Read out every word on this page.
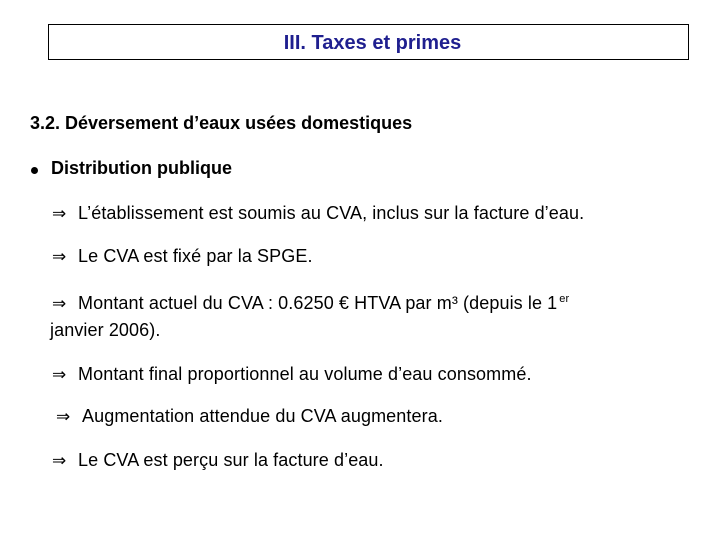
III. Taxes et primes
3.2. Déversement d’eaux usées domestiques
Distribution publique
⇒ L’établissement est soumis au CVA, inclus sur la facture d’eau.
⇒ Le CVA est fixé par la SPGE.
⇒ Montant actuel du CVA : 0.6250 € HTVA par m³ (depuis le 1 $^{er}$
janvier 2006).
⇒ Montant final proportionnel au volume d’eau consommé.
⇒ Augmentation attendue du CVA augmentera.
⇒ Le CVA est perçu sur la facture d’eau.
